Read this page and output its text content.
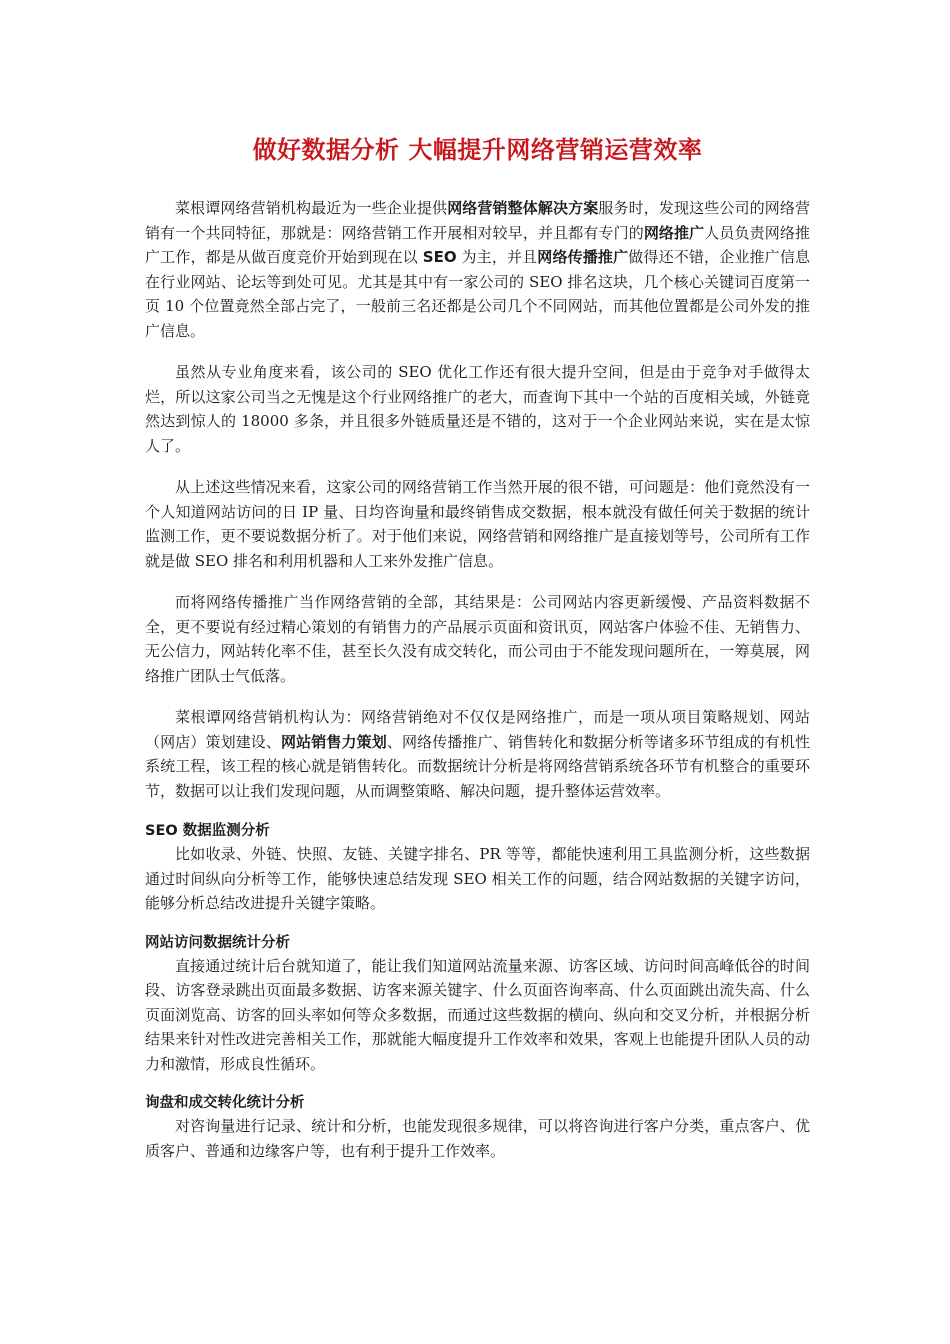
做好数据分析 大幅提升网络营销运营效率

菜根谭网络营销机构最近为一些企业提供网络营销整体解决方案服务时，发现这些公司的网络营销有一个共同特征，那就是：网络营销工作开展相对较早，并且都有专门的网络推广人员负责网络推广工作，都是从做百度竞价开始到现在以 SEO 为主，并且网络传播推广做得还不错，企业推广信息在行业网站、论坛等到处可见。尤其是其中有一家公司的 SEO 排名这块，几个核心关键词百度第一页 10 个位置竟然全部占完了，一般前三名还都是公司几个不同网站，而其他位置都是公司外发的推广信息。

虽然从专业角度来看，该公司的 SEO 优化工作还有很大提升空间，但是由于竞争对手做得太烂，所以这家公司当之无愧是这个行业网络推广的老大，而查询下其中一个站的百度相关域，外链竟然达到惊人的 18000 多条，并且很多外链质量还是不错的，这对于一个企业网站来说，实在是太惊人了。

从上述这些情况来看，这家公司的网络营销工作当然开展的很不错，可问题是：他们竟然没有一个人知道网站访问的日 IP 量、日均咨询量和最终销售成交数据，根本就没有做任何关于数据的统计监测工作，更不要说数据分析了。对于他们来说，网络营销和网络推广是直接划等号，公司所有工作就是做 SEO 排名和利用机器和人工来外发推广信息。

而将网络传播推广当作网络营销的全部，其结果是：公司网站内容更新缓慢、产品资料数据不全，更不要说有经过精心策划的有销售力的产品展示页面和资讯页，网站客户体验不佳、无销售力、无公信力，网站转化率不佳，甚至长久没有成交转化，而公司由于不能发现问题所在，一筹莫展，网络推广团队士气低落。

菜根谭网络营销机构认为：网络营销绝对不仅仅是网络推广，而是一项从项目策略规划、网站（网店）策划建设、网站销售力策划、网络传播推广、销售转化和数据分析等诸多环节组成的有机性系统工程，该工程的核心就是销售转化。而数据统计分析是将网络营销系统各环节有机整合的重要环节，数据可以让我们发现问题，从而调整策略、解决问题，提升整体运营效率。

SEO 数据监测分析

比如收录、外链、快照、友链、关键字排名、PR 等等，都能快速利用工具监测分析，这些数据通过时间纵向分析等工作，能够快速总结发现 SEO 相关工作的问题，结合网站数据的关键字访问，能够分析总结改进提升关键字策略。

网站访问数据统计分析

直接通过统计后台就知道了，能让我们知道网站流量来源、访客区域、访问时间高峰低谷的时间段、访客登录跳出页面最多数据、访客来源关键字、什么页面咨询率高、什么页面跳出流失高、什么页面浏览高、访客的回头率如何等众多数据，而通过这些数据的横向、纵向和交叉分析，并根据分析结果来针对性改进完善相关工作，那就能大幅度提升工作效率和效果，客观上也能提升团队人员的动力和激情，形成良性循环。

询盘和成交转化统计分析

对咨询量进行记录、统计和分析，也能发现很多规律，可以将咨询进行客户分类，重点客户、优质客户、普通和边缘客户等，也有利于提升工作效率。
